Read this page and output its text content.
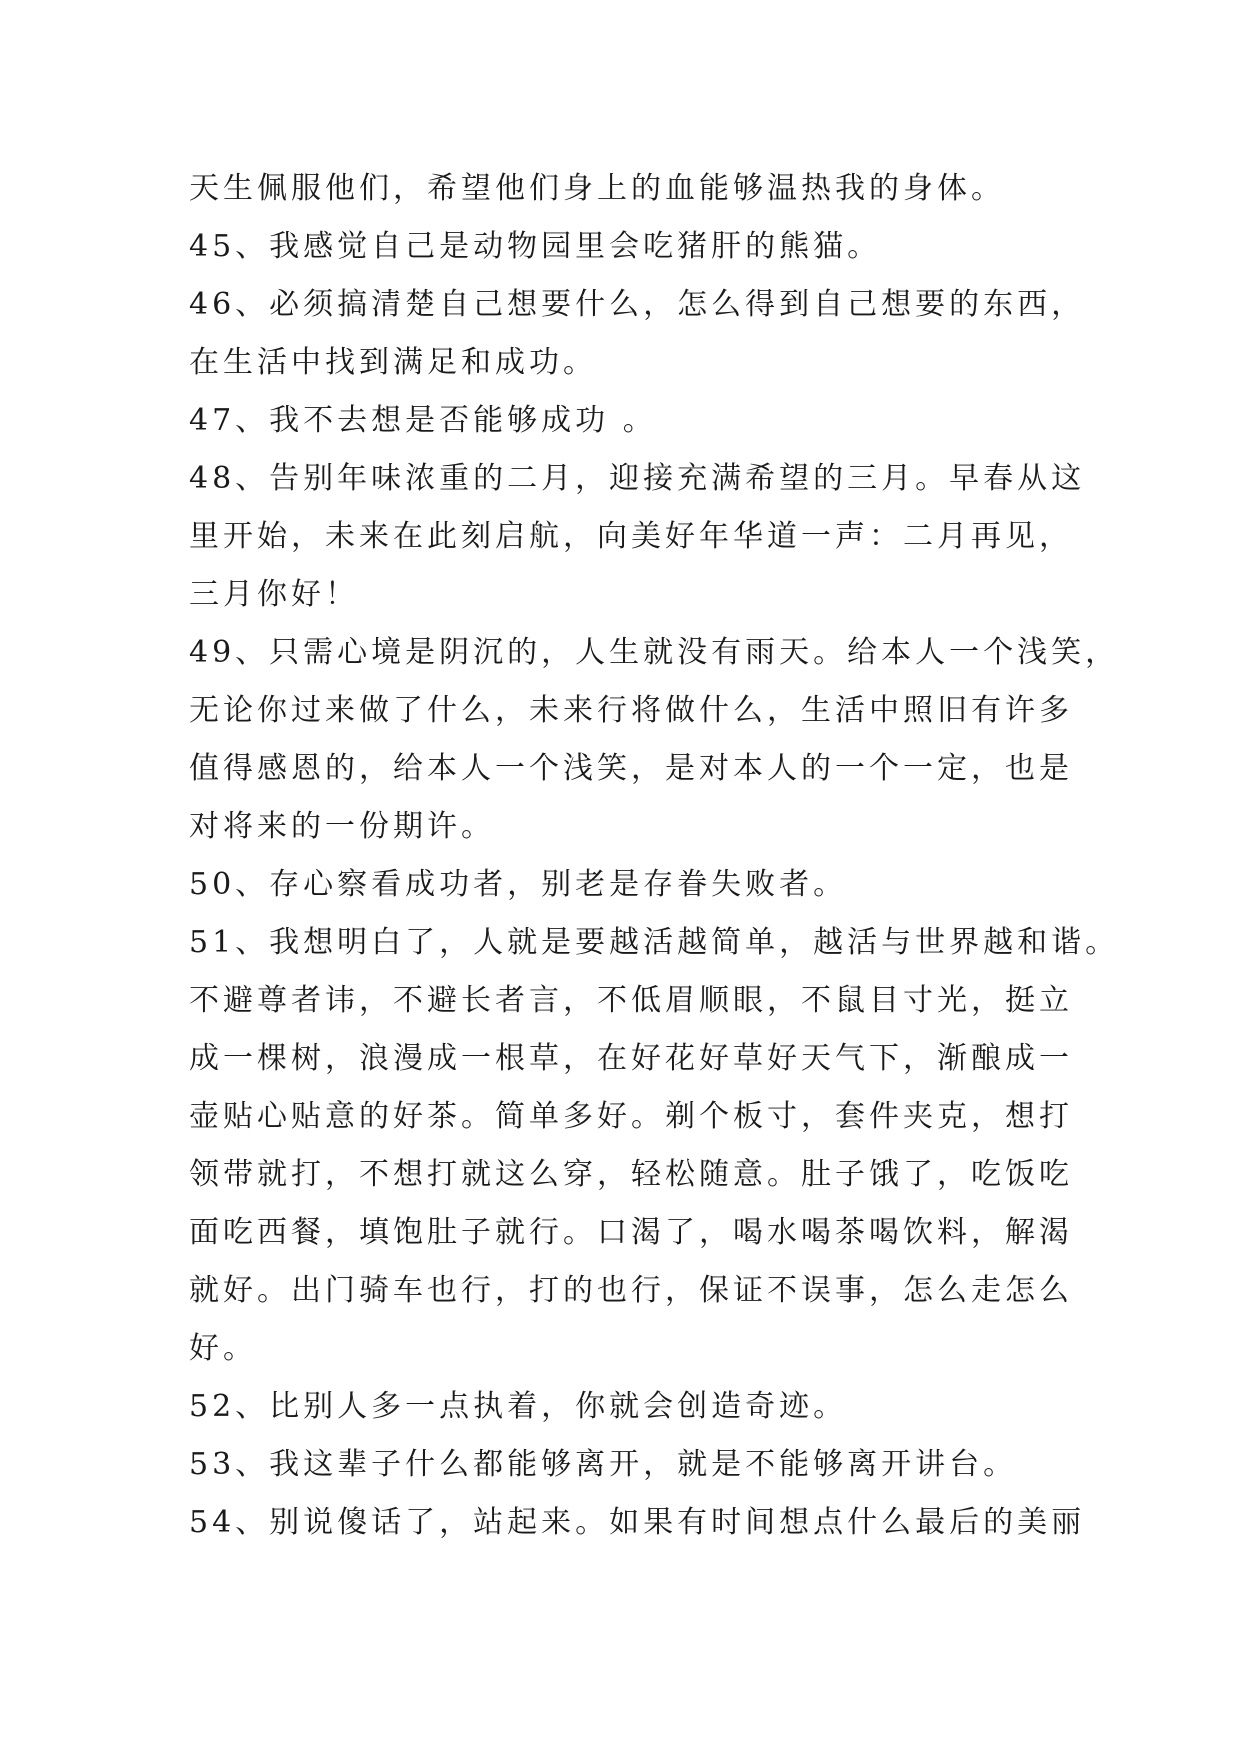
天生佩服他们，希望他们身上的血能够温热我的身体。
45、我感觉自己是动物园里会吃猪肝的熊猫。
46、必须搞清楚自己想要什么，怎么得到自己想要的东西，
在生活中找到满足和成功。
47、我不去想是否能够成功 。
48、告别年味浓重的二月，迎接充满希望的三月。早春从这
里开始，未来在此刻启航，向美好年华道一声：二月再见，
三月你好！
49、只需心境是阴沉的，人生就没有雨天。给本人一个浅笑，
无论你过来做了什么，未来行将做什么，生活中照旧有许多
值得感恩的，给本人一个浅笑，是对本人的一个一定，也是
对将来的一份期许。
50、存心察看成功者，别老是存眷失败者。
51、我想明白了，人就是要越活越简单，越活与世界越和谐。
不避尊者讳，不避长者言，不低眉顺眼，不鼠目寸光，挺立
成一棵树，浪漫成一根草，在好花好草好天气下，渐酿成一
壶贴心贴意的好茶。简单多好。剃个板寸，套件夹克，想打
领带就打，不想打就这么穿，轻松随意。肚子饿了，吃饭吃
面吃西餐，填饱肚子就行。口渴了，喝水喝茶喝饮料，解渴
就好。出门骑车也行，打的也行，保证不误事，怎么走怎么
好。
52、比别人多一点执着，你就会创造奇迹。
53、我这辈子什么都能够离开，就是不能够离开讲台。
54、别说傻话了，站起来。如果有时间想点什么最后的美丽
